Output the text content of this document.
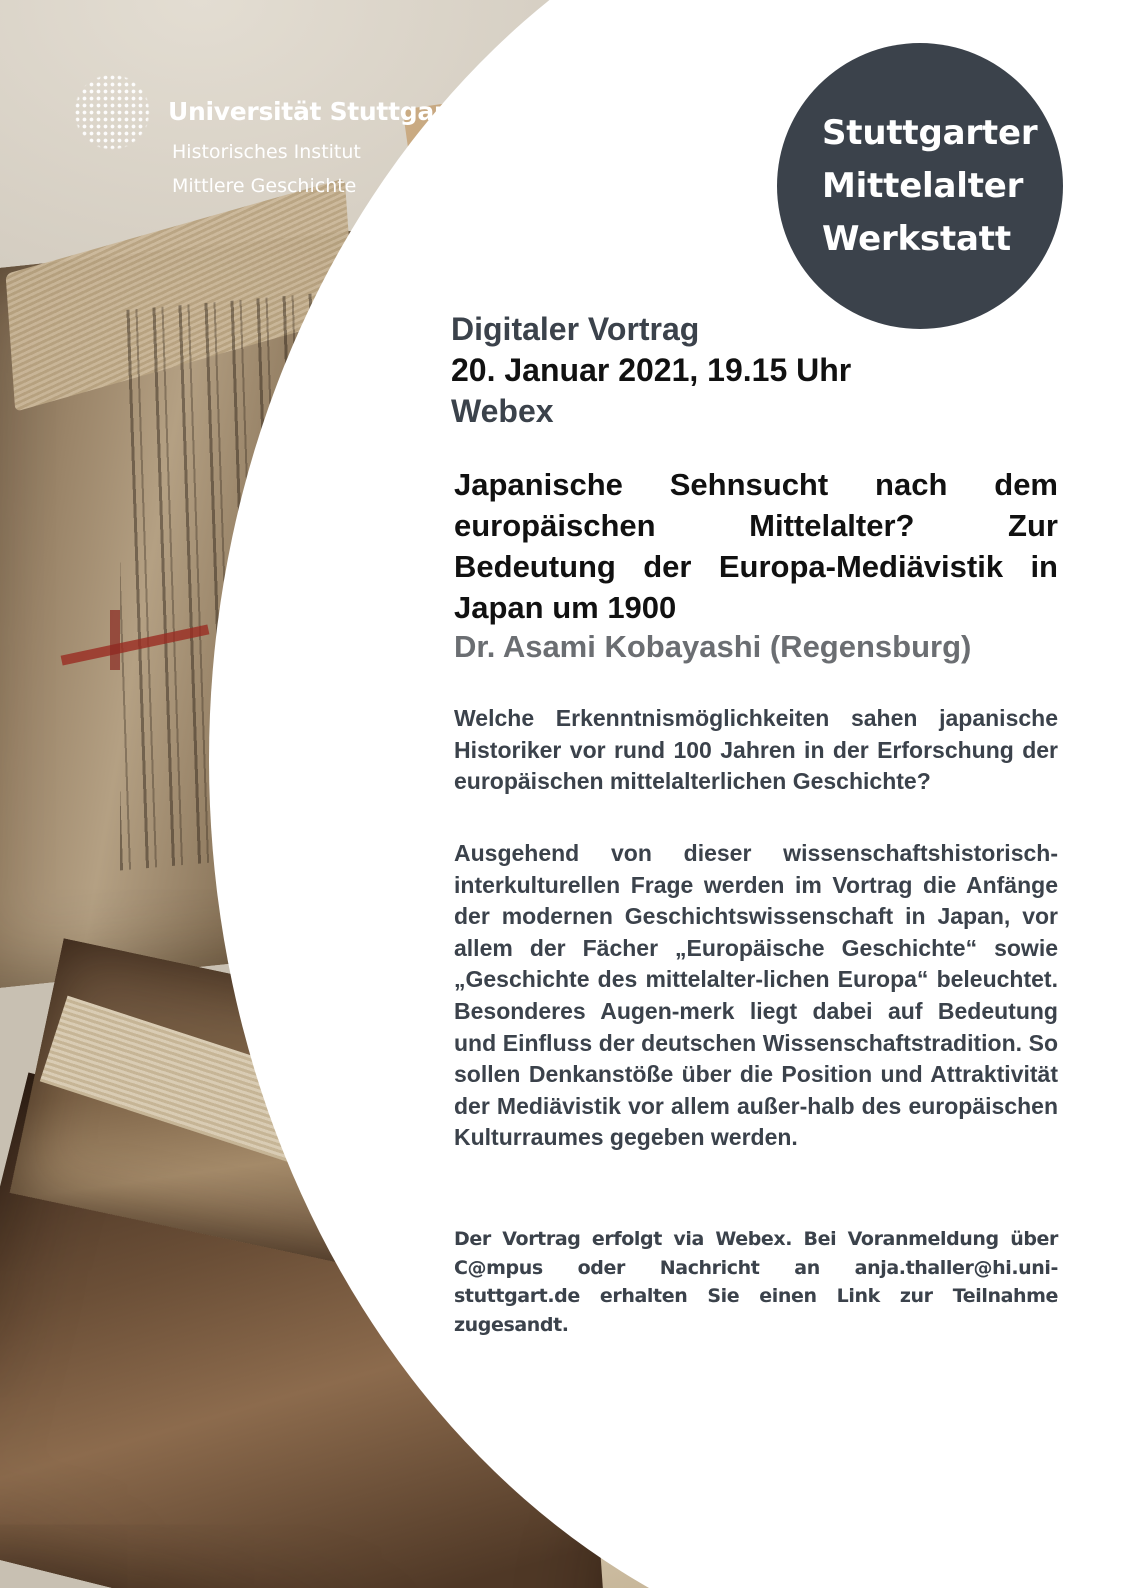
Universität Stuttgart
Historisches Institut
Mittlere Geschichte
Stuttgarter
Mittelalter
Werkstatt
Digitaler Vortrag
20. Januar 2021, 19.15 Uhr
Webex
Japanische Sehnsucht nach dem europäischen Mittelalter? Zur Bedeutung der Europa-Mediävistik in Japan um 1900
Dr. Asami Kobayashi (Regensburg)
Welche Erkenntnismöglichkeiten sahen japanische Historiker vor rund 100 Jahren in der Erforschung der europäischen mittelalterlichen Geschichte?
Ausgehend von dieser wissenschaftshistorisch-interkulturellen Frage werden im Vortrag die Anfänge der modernen Geschichtswissenschaft in Japan, vor allem der Fächer „Europäische Geschichte“ sowie „Geschichte des mittelalter-lichen Europa“ beleuchtet. Besonderes Augen-merk liegt dabei auf Bedeutung und Einfluss der deutschen Wissenschaftstradition. So sollen Denkanstöße über die Position und Attraktivität der Mediävistik vor allem außer-halb des europäischen Kulturraumes gegeben werden.
Der Vortrag erfolgt via Webex. Bei Voranmeldung über C@mpus oder Nachricht an anja.thaller@hi.uni-stuttgart.de erhalten Sie einen Link zur Teilnahme zugesandt.
